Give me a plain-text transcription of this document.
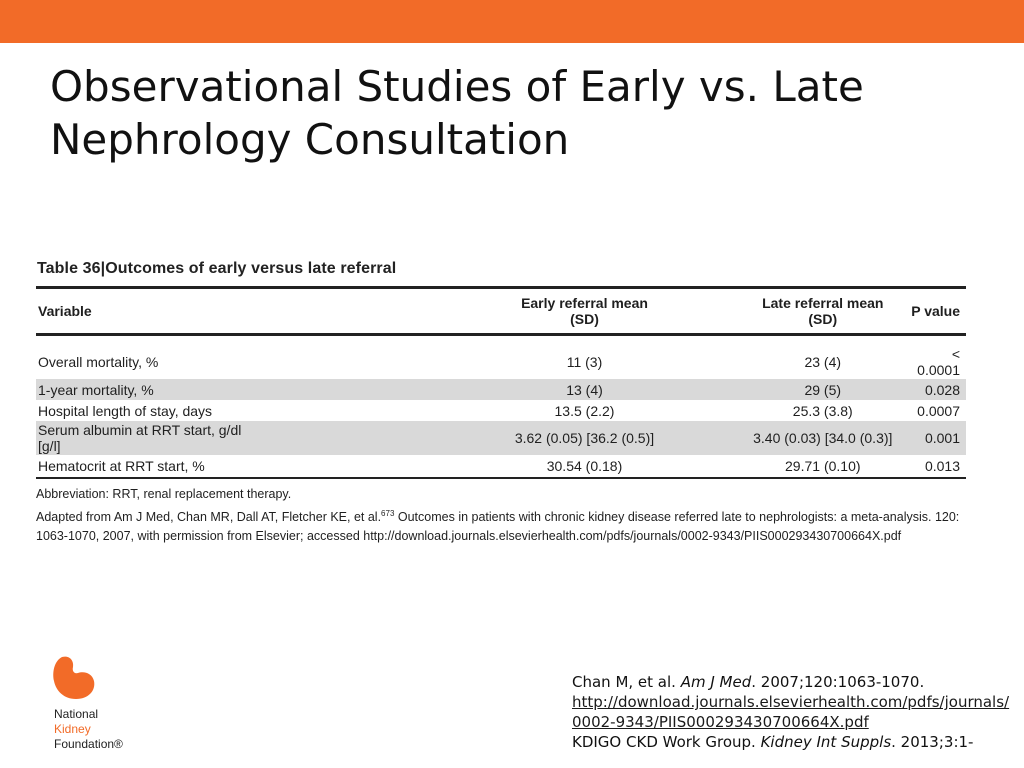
Observational Studies of Early vs. Late
Nephrology Consultation
Table 36|Outcomes of early versus late referral
Variable	Early referral mean (SD)	Late referral mean (SD)	P value
Overall mortality, %	11 (3)	23 (4)	< 0.0001
1-year mortality, %	13 (4)	29 (5)	0.028
Hospital length of stay, days	13.5 (2.2)	25.3 (3.8)	0.0007
Serum albumin at RRT start, g/dl [g/l]	3.62 (0.05) [36.2 (0.5)]	3.40 (0.03) [34.0 (0.3)]	0.001
Hematocrit at RRT start, %	30.54 (0.18)	29.71 (0.10)	0.013
Abbreviation: RRT, renal replacement therapy.
Adapted from Am J Med, Chan MR, Dall AT, Fletcher KE, et al.$^{673}$ Outcomes in patients with chronic kidney disease referred late to nephrologists: a meta-analysis. 120: 1063-1070, 2007, with permission from Elsevier; accessed http://download.journals.elsevierhealth.com/pdfs/journals/0002-9343/PIIS000293430700664X.pdf
National
Kidney
Foundation®
Chan M, et al. Am J Med. 2007;120:1063-1070.
http://download.journals.elsevierhealth.com/pdfs/journals/0002-9343/PIIS000293430700664X.pdf
KDIGO CKD Work Group. Kidney Int Suppls. 2013;3:1-
